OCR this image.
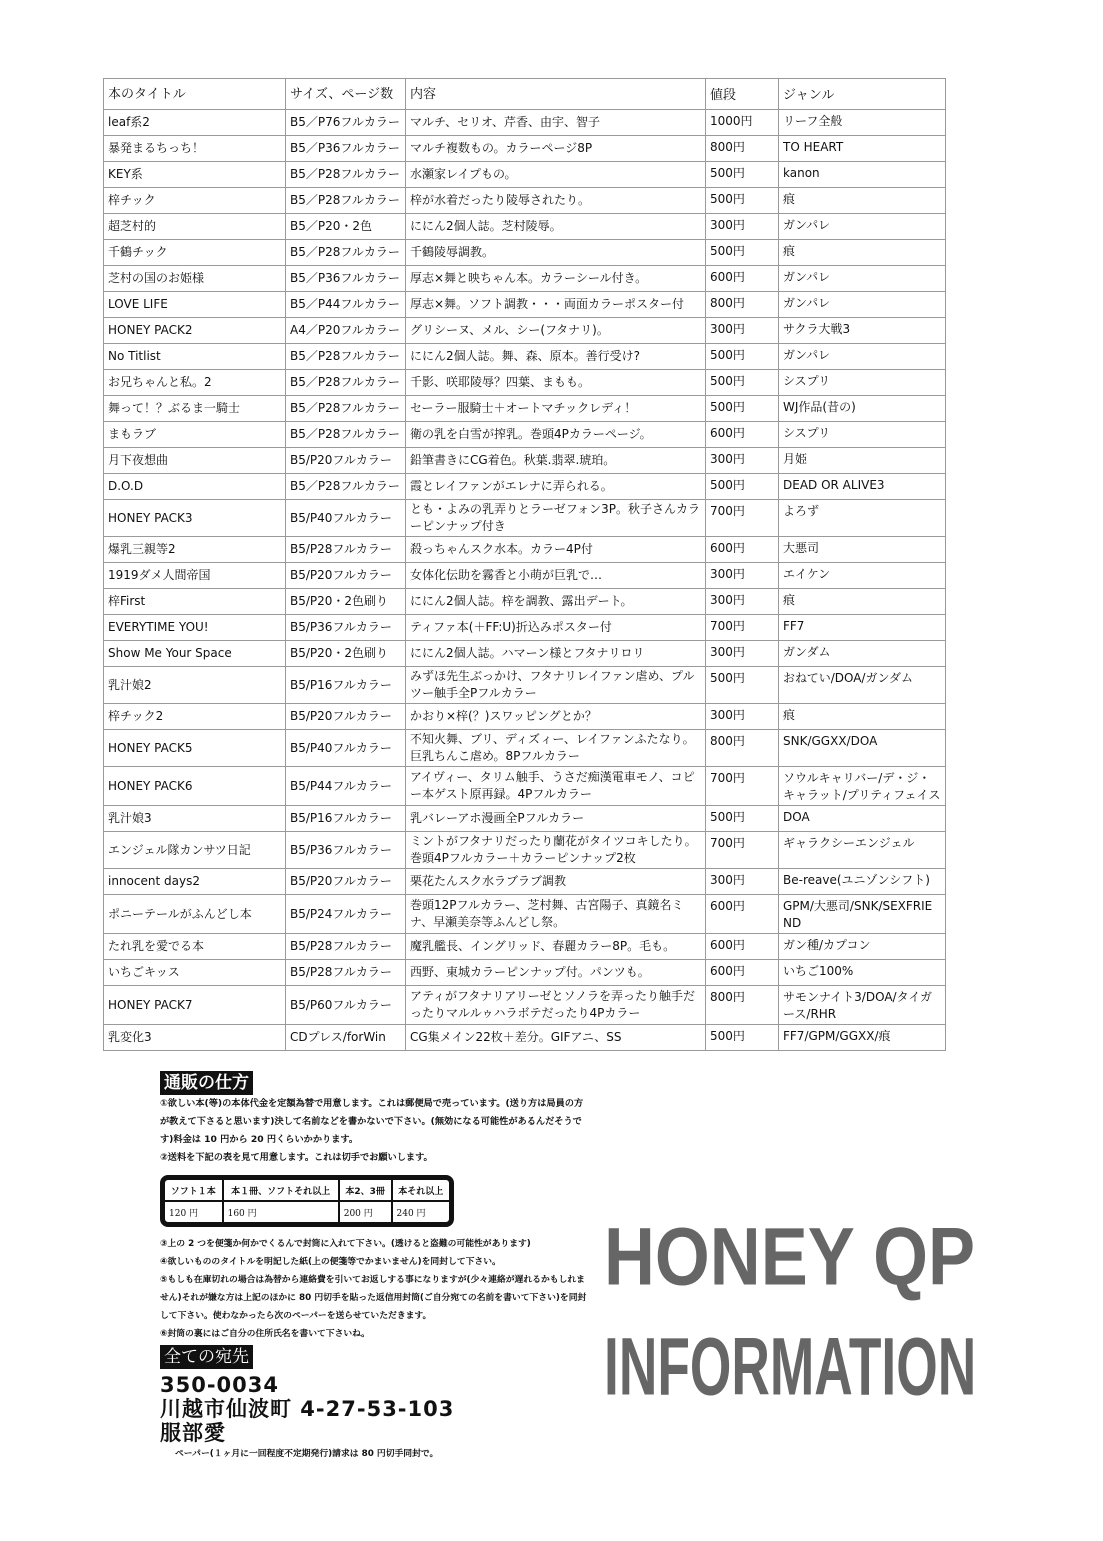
本のタイトル	サイズ、ページ数	内容	値段	ジャンル
leaf系2	B5／P76フルカラー	マルチ、セリオ、芹香、由宇、智子	1000円	リーフ全般
暴発まるちっち！	B5／P36フルカラー	マルチ複数もの。カラーページ8P	800円	TO HEART
KEY系	B5／P28フルカラー	水瀬家レイプもの。	500円	kanon
梓チック	B5／P28フルカラー	梓が水着だったり陵辱されたり。	500円	痕
超芝村的	B5／P20・2色	ににん2個人誌。芝村陵辱。	300円	ガンパレ
千鶴チック	B5／P28フルカラー	千鶴陵辱調教。	500円	痕
芝村の国のお姫様	B5／P36フルカラー	厚志×舞と映ちゃん本。カラーシール付き。	600円	ガンパレ
LOVE LIFE	B5／P44フルカラー	厚志×舞。ソフト調教・・・両面カラーポスター付	800円	ガンパレ
HONEY PACK2	A4／P20フルカラー	グリシーヌ、メル、シー(フタナリ)。	300円	サクラ大戦3
No Titlist	B5／P28フルカラー	ににん2個人誌。舞、森、原本。善行受け?	500円	ガンパレ
お兄ちゃんと私。2	B5／P28フルカラー	千影、咲耶陵辱？四葉、まもも。	500円	シスプリ
舞って！？ぶるま一騎士	B5／P28フルカラー	セーラー服騎士＋オートマチックレディ！	500円	WJ作品(昔の)
まもラブ	B5／P28フルカラー	衛の乳を白雪が搾乳。巻頭4Pカラーページ。	600円	シスプリ
月下夜想曲	B5/P20フルカラー	鉛筆書きにCG着色。秋葉.翡翠.琥珀。	300円	月姫
D.O.D	B5／P28フルカラー	霞とレイファンがエレナに弄られる。	500円	DEAD OR ALIVE3
HONEY PACK3	B5/P40フルカラー	とも・よみの乳弄りとラーゼフォン3P。秋子さんカラーピンナップ付き	700円	よろず
爆乳三親等2	B5/P28フルカラー	殺っちゃんスク水本。カラー4P付	600円	大悪司
1919ダメ人間帝国	B5/P20フルカラー	女体化伝助を霧香と小萌が巨乳で…	300円	エイケン
梓First	B5/P20・2色刷り	ににん2個人誌。梓を調教、露出デート。	300円	痕
EVERYTIME YOU!	B5/P36フルカラー	ティファ本(＋FF:U)折込みポスター付	700円	FF7
Show Me Your Space	B5/P20・2色刷り	ににん2個人誌。ハマーン様とフタナリロリ	300円	ガンダム
乳汁娘2	B5/P16フルカラー	みずほ先生ぶっかけ、フタナリレイファン虐め、プルツー触手全Pフルカラー	500円	おねてい/DOA/ガンダム
梓チック2	B5/P20フルカラー	かおり×梓(？)スワッピングとか？	300円	痕
HONEY PACK5	B5/P40フルカラー	不知火舞、ブリ、ディズィー、レイファンふたなり。巨乳ちんこ虐め。8Pフルカラー	800円	SNK/GGXX/DOA
HONEY PACK6	B5/P44フルカラー	アイヴィー、タリム触手、うさだ痴漢電車モノ、コピー本ゲスト原再録。4Pフルカラー	700円	ソウルキャリバー/デ・ジ・キャラット/プリティフェイス
乳汁娘3	B5/P16フルカラー	乳バレーアホ漫画全Pフルカラー	500円	DOA
エンジェル隊カンサツ日記	B5/P36フルカラー	ミントがフタナリだったり蘭花がタイツコキしたり。巻頭4Pフルカラー＋カラーピンナップ2枚	700円	ギャラクシーエンジェル
innocent days2	B5/P20フルカラー	栗花たんスク水ラブラブ調教	300円	Be-reave(ユニゾンシフト)
ポニーテールがふんどし本	B5/P24フルカラー	巻頭12Pフルカラー、芝村舞、古宮陽子、真鏡名ミナ、早瀬美奈等ふんどし祭。	600円	GPM/大悪司/SNK/SEXFRIEND
たれ乳を愛でる本	B5/P28フルカラー	魔乳艦長、イングリッド、春麗カラー8P。毛も。	600円	ガン種/カプコン
いちごキッス	B5/P28フルカラー	西野、東城カラーピンナップ付。パンツも。	600円	いちご100%
HONEY PACK7	B5/P60フルカラー	アティがフタナリアリーゼとソノラを弄ったり触手だったりマルルゥハラボテだったり4Pカラー	800円	サモンナイト3/DOA/タイガース/RHR
乳変化3	CDプレス/forWin	CG集メイン22枚＋差分。GIFアニ、SS	500円	FF7/GPM/GGXX/痕
通販の仕方
①欲しい本(等)の本体代金を定額為替で用意します。これは郵便局で売っています。(送り方は局員の方が教えて下さると思います)決して名前などを書かないで下さい。(無効になる可能性があるんだそうです)料金は 10 円から 20 円くらいかかります。
②送料を下記の表を見て用意します。これは切手でお願いします。
ソフト１本	本１冊、ソフトそれ以上	本2、3冊	本それ以上
120 円	160 円	200 円	240 円
③上の 2 つを便箋か何かでくるんで封筒に入れて下さい。(透けると盗難の可能性があります)
④欲しいもののタイトルを明記した紙(上の便箋等でかまいません)を同封して下さい。
⑤もしも在庫切れの場合は為替から連絡費を引いてお返しする事になりますが(少々連絡が遅れるかもしれません)それが嫌な方は上記のほかに 80 円切手を貼った返信用封筒(ご自分宛ての名前を書いて下さい)を同封して下さい。使わなかったら次のペーパーを送らせていただきます。
⑥封筒の裏にはご自分の住所氏名を書いて下さいね。
全ての宛先
350-0034
川越市仙波町 4-27-53-103
服部愛
ペーパー(１ヶ月に一回程度不定期発行)請求は 80 円切手同封で。
HONEY QP
INFORMATION
